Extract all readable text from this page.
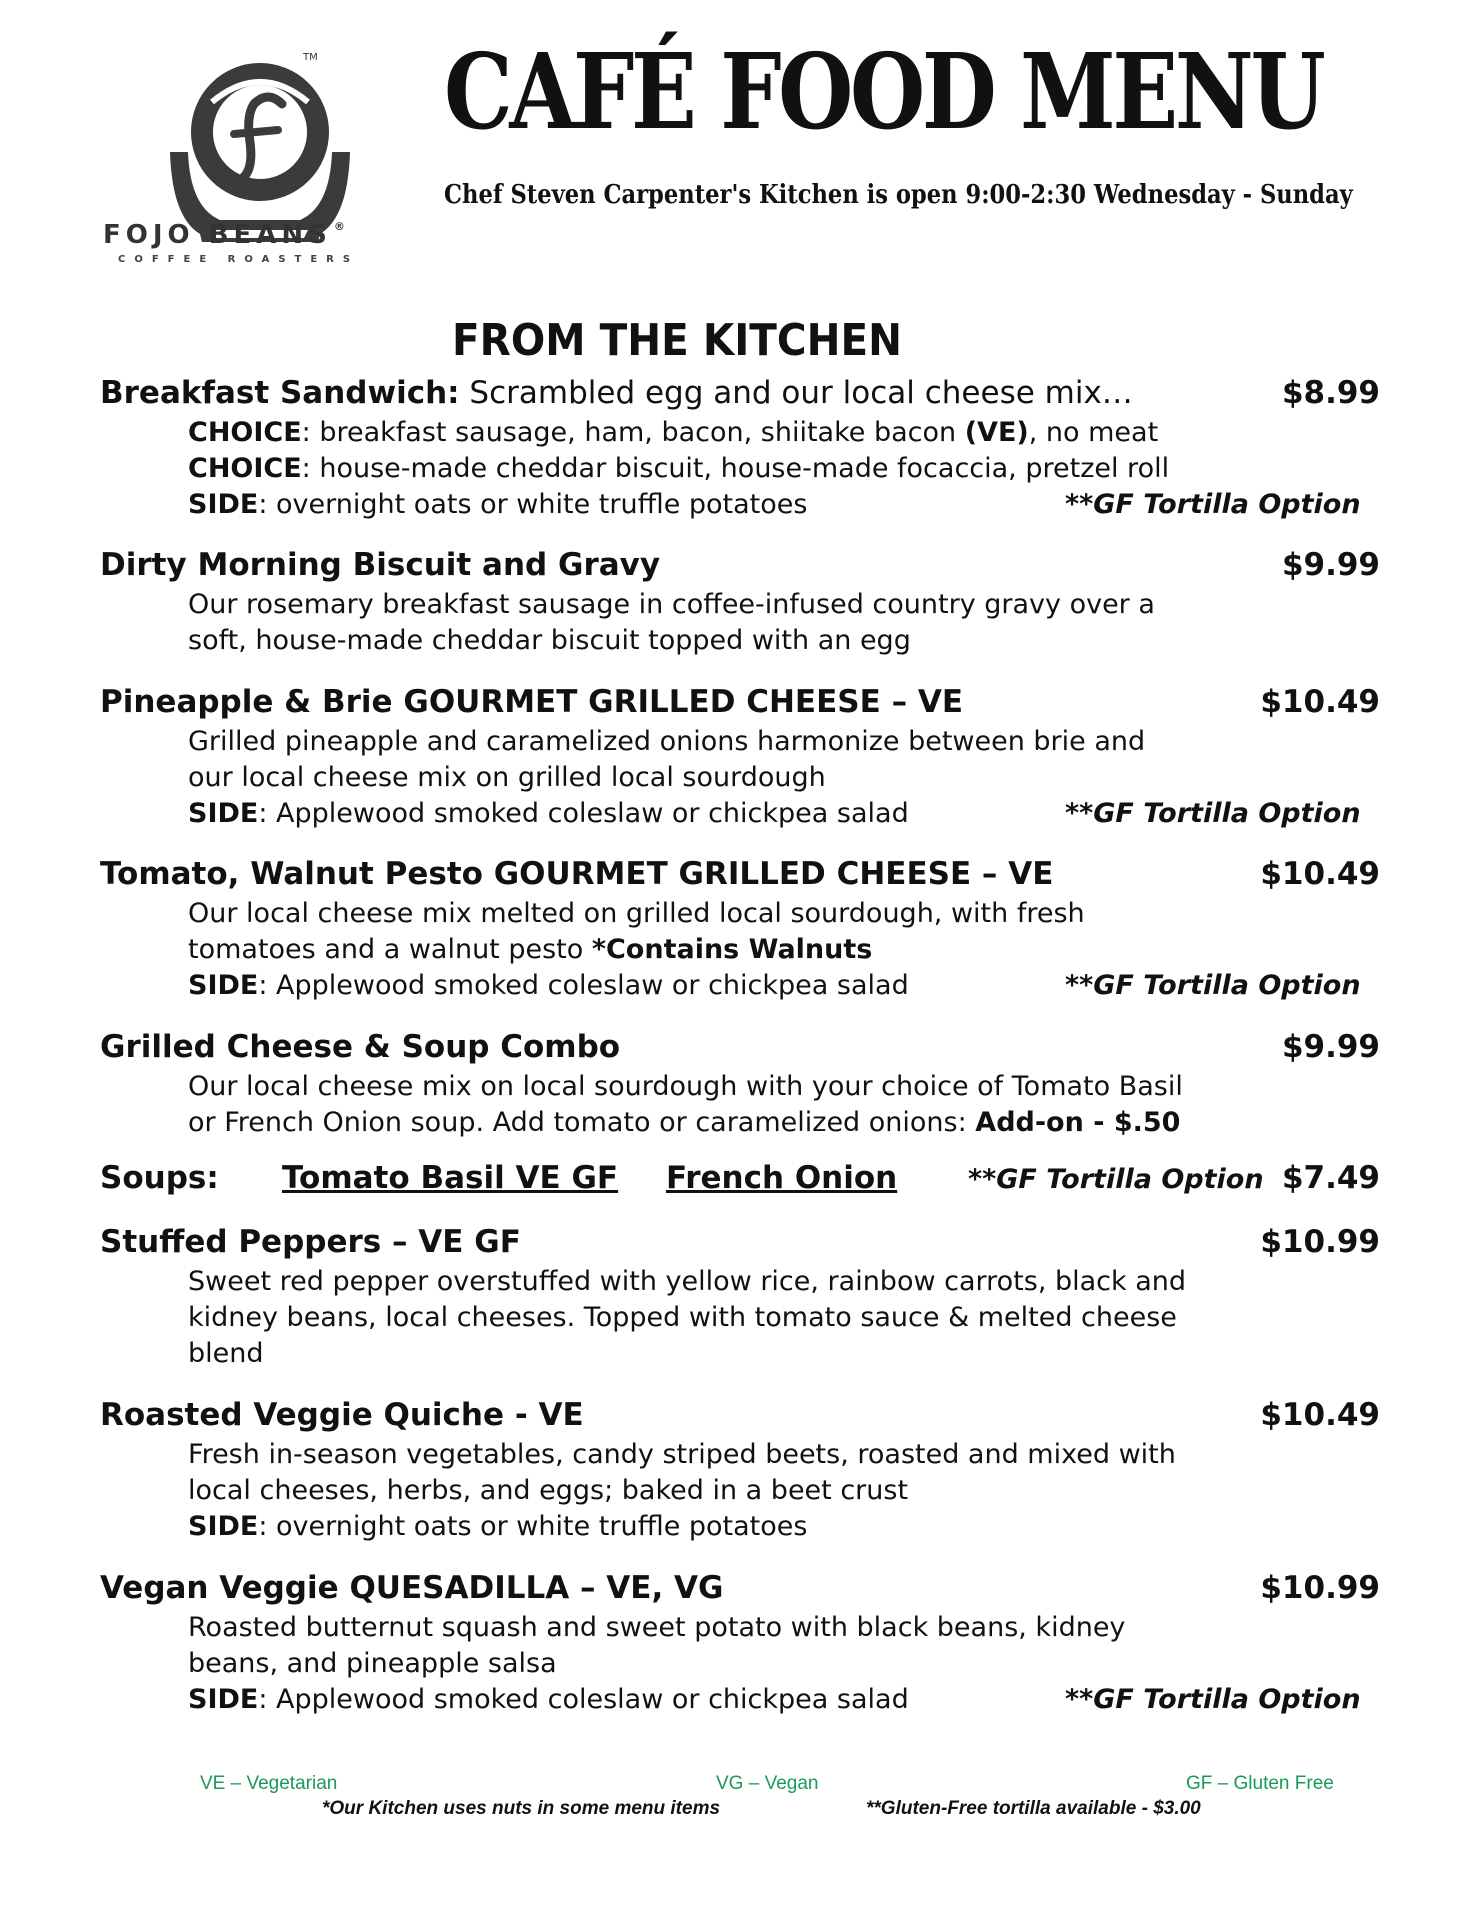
TM
FOJO BEANS ®
COFFEE ROASTERS
CAFÉ FOOD MENU
Chef Steven Carpenter's Kitchen is open 9:00-2:30 Wednesday - Sunday
FROM THE KITCHEN
Breakfast Sandwich: Scrambled egg and our local cheese mix…	$8.99
CHOICE: breakfast sausage, ham, bacon, shiitake bacon (VE), no meat
CHOICE: house-made cheddar biscuit, house-made focaccia, pretzel roll
SIDE: overnight oats or white truffle potatoes	**GF Tortilla Option
Dirty Morning Biscuit and Gravy	$9.99
Our rosemary breakfast sausage in coffee-infused country gravy over a
soft, house-made cheddar biscuit topped with an egg
Pineapple & Brie GOURMET GRILLED CHEESE – VE	$10.49
Grilled pineapple and caramelized onions harmonize between brie and
our local cheese mix on grilled local sourdough
SIDE: Applewood smoked coleslaw or chickpea salad	**GF Tortilla Option
Tomato, Walnut Pesto GOURMET GRILLED CHEESE – VE	$10.49
Our local cheese mix melted on grilled local sourdough, with fresh
tomatoes and a walnut pesto *Contains Walnuts
SIDE: Applewood smoked coleslaw or chickpea salad	**GF Tortilla Option
Grilled Cheese & Soup Combo	$9.99
Our local cheese mix on local sourdough with your choice of Tomato Basil
or French Onion soup. Add tomato or caramelized onions: Add-on - $.50
Stuffed Peppers – VE GF	$10.99
Sweet red pepper overstuffed with yellow rice, rainbow carrots, black and
kidney beans, local cheeses. Topped with tomato sauce & melted cheese
blend
Roasted Veggie Quiche - VE	$10.49
Fresh in-season vegetables, candy striped beets, roasted and mixed with
local cheeses, herbs, and eggs; baked in a beet crust
SIDE: overnight oats or white truffle potatoes
Vegan Veggie QUESADILLA – VE, VG	$10.99
Roasted butternut squash and sweet potato with black beans, kidney
beans, and pineapple salsa
SIDE: Applewood smoked coleslaw or chickpea salad	**GF Tortilla Option
Soups: Tomato Basil VE GF French Onion	**GF Tortilla Option $7.49
VE – Vegetarian	VG – Vegan	GF – Gluten Free
*Our Kitchen uses nuts in some menu items	**Gluten-Free tortilla available - $3.00
